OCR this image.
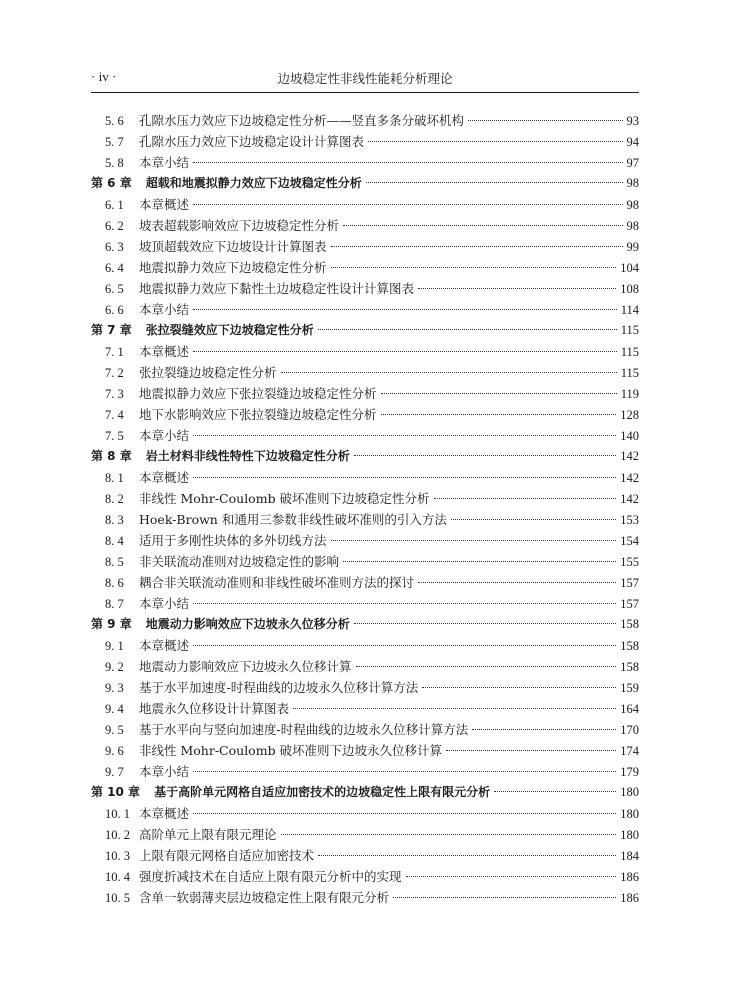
· iv ·	边坡稳定性非线性能耗分析理论
5. 6	孔隙水压力效应下边坡稳定性分析——竖直多条分破坏机构	93
5. 7	孔隙水压力效应下边坡稳定设计计算图表	94
5. 8	本章小结	97
第 6 章 超载和地震拟静力效应下边坡稳定性分析	98
6. 1	本章概述	98
6. 2	坡表超载影响效应下边坡稳定性分析	98
6. 3	坡顶超载效应下边坡设计计算图表	99
6. 4	地震拟静力效应下边坡稳定性分析	104
6. 5	地震拟静力效应下黏性土边坡稳定性设计计算图表	108
6. 6	本章小结	114
第 7 章 张拉裂缝效应下边坡稳定性分析	115
7. 1	本章概述	115
7. 2	张拉裂缝边坡稳定性分析	115
7. 3	地震拟静力效应下张拉裂缝边坡稳定性分析	119
7. 4	地下水影响效应下张拉裂缝边坡稳定性分析	128
7. 5	本章小结	140
第 8 章 岩土材料非线性特性下边坡稳定性分析	142
8. 1	本章概述	142
8. 2	非线性 Mohr-Coulomb 破坏准则下边坡稳定性分析	142
8. 3	Hoek-Brown 和通用三参数非线性破坏准则的引入方法	153
8. 4	适用于多刚性块体的多外切线方法	154
8. 5	非关联流动准则对边坡稳定性的影响	155
8. 6	耦合非关联流动准则和非线性破坏准则方法的探讨	157
8. 7	本章小结	157
第 9 章 地震动力影响效应下边坡永久位移分析	158
9. 1	本章概述	158
9. 2	地震动力影响效应下边坡永久位移计算	158
9. 3	基于水平加速度-时程曲线的边坡永久位移计算方法	159
9. 4	地震永久位移设计计算图表	164
9. 5	基于水平向与竖向加速度-时程曲线的边坡永久位移计算方法	170
9. 6	非线性 Mohr-Coulomb 破坏准则下边坡永久位移计算	174
9. 7	本章小结	179
第 10 章 基于高阶单元网格自适应加密技术的边坡稳定性上限有限元分析	180
10. 1 本章概述	180
10. 2 高阶单元上限有限元理论	180
10. 3 上限有限元网格自适应加密技术	184
10. 4 强度折减技术在自适应上限有限元分析中的实现	186
10. 5 含单一软弱薄夹层边坡稳定性上限有限元分析	186
